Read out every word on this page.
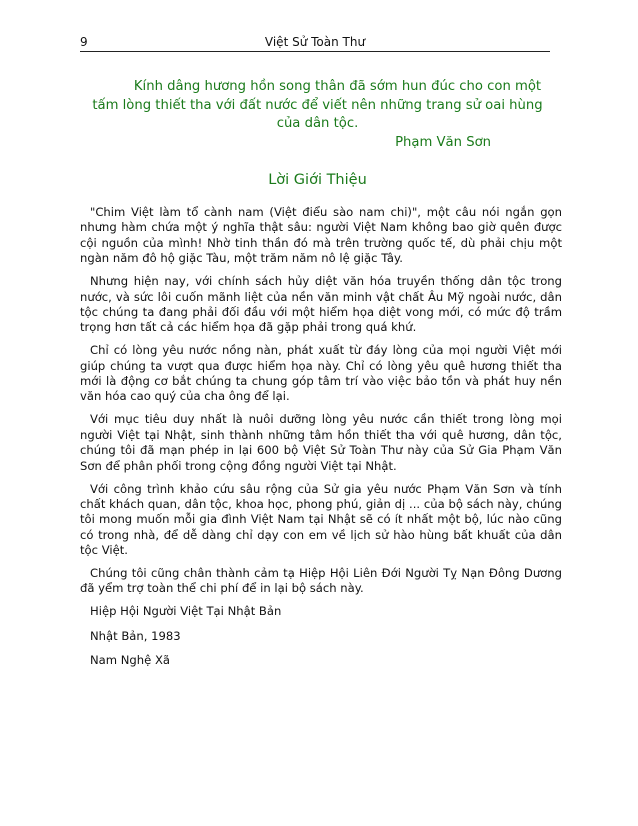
9	Việt Sử Toàn Thư

Kính dâng hương hồn song thân đã sớm hun đúc cho con một tấm lòng thiết tha với đất nước để viết nên những trang sử oai hùng của dân tộc.

Phạm Văn Sơn

Lời Giới Thiệu

"Chim Việt làm tổ cành nam (Việt điểu sào nam chi)", một câu nói ngắn gọn nhưng hàm chứa một ý nghĩa thật sâu: người Việt Nam không bao giờ quên được cội nguồn của mình! Nhờ tinh thần đó mà trên trường quốc tế, dù phải chịu một ngàn năm đô hộ giặc Tàu, một trăm năm nô lệ giặc Tây.

Nhưng hiện nay, với chính sách hủy diệt văn hóa truyền thống dân tộc trong nước, và sức lôi cuốn mãnh liệt của nền văn minh vật chất Âu Mỹ ngoài nước, dân tộc chúng ta đang phải đối đầu với một hiểm họa diệt vong mới, có mức độ trầm trọng hơn tất cả các hiểm họa đã gặp phải trong quá khứ.

Chỉ có lòng yêu nước nồng nàn, phát xuất từ đáy lòng của mọi người Việt mới giúp chúng ta vượt qua được hiểm họa này. Chỉ có lòng yêu quê hương thiết tha mới là động cơ bắt chúng ta chung góp tâm trí vào việc bảo tồn và phát huy nền văn hóa cao quý của cha ông để lại.

Với mục tiêu duy nhất là nuôi dưỡng lòng yêu nước cần thiết trong lòng mọi người Việt tại Nhật, sinh thành những tâm hồn thiết tha với quê hương, dân tộc, chúng tôi đã mạn phép in lại 600 bộ Việt Sử Toàn Thư này của Sử Gia Phạm Văn Sơn để phân phối trong cộng đồng người Việt tại Nhật.

Với công trình khảo cứu sâu rộng của Sử gia yêu nước Phạm Văn Sơn và tính chất khách quan, dân tộc, khoa học, phong phú, giản dị ... của bộ sách này, chúng tôi mong muốn mỗi gia đình Việt Nam tại Nhật sẽ có ít nhất một bộ, lúc nào cũng có trong nhà, để dễ dàng chỉ dạy con em về lịch sử hào hùng bất khuất của dân tộc Việt.

Chúng tôi cũng chân thành cảm tạ Hiệp Hội Liên Đới Người Tỵ Nạn Đông Dương đã yểm trợ toàn thể chi phí để in lại bộ sách này.

Hiệp Hội Người Việt Tại Nhật Bản

Nhật Bản, 1983

Nam Nghệ Xã
